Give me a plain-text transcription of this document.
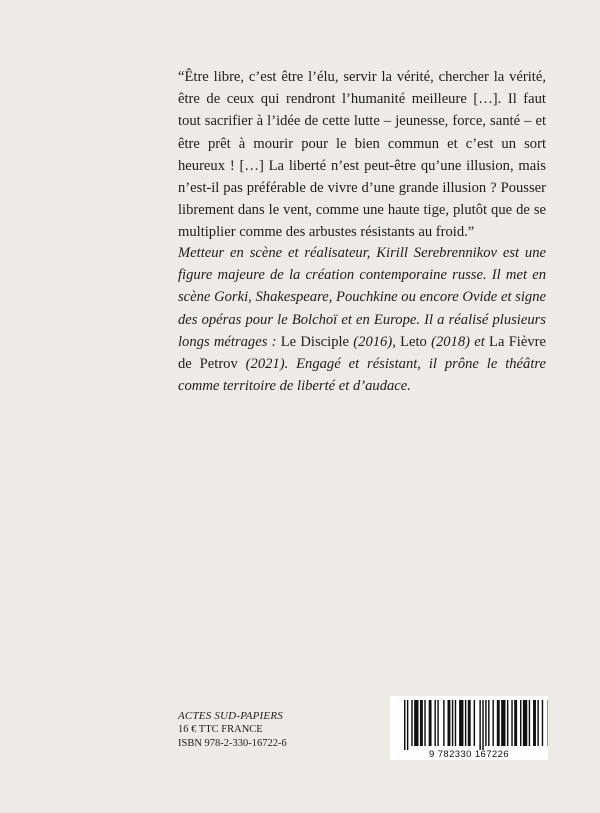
“Être libre, c’est être l’élu, servir la vérité, chercher la vérité, être de ceux qui rendront l’humanité meilleure […]. Il faut tout sacrifier à l’idée de cette lutte – jeunesse, force, santé – et être prêt à mourir pour le bien commun et c’est un sort heureux ! […] La liberté n’est peut-être qu’une illusion, mais n’est-il pas préférable de vivre d’une grande illusion ? Pousser librement dans le vent, comme une haute tige, plutôt que de se multiplier comme des arbustes résistants au froid.”

Metteur en scène et réalisateur, Kirill Serebrennikov est une figure majeure de la création contemporaine russe. Il met en scène Gorki, Shakespeare, Pouchkine ou encore Ovide et signe des opéras pour le Bolchoï et en Europe. Il a réalisé plusieurs longs métrages : Le Disciple (2016), Leto (2018) et La Fièvre de Petrov (2021). Engagé et résistant, il prône le théâtre comme territoire de liberté et d’audace.

ACTES SUD-PAPIERS
16 € TTC FRANCE
ISBN 978-2-330-16722-6
9 782330 167226
